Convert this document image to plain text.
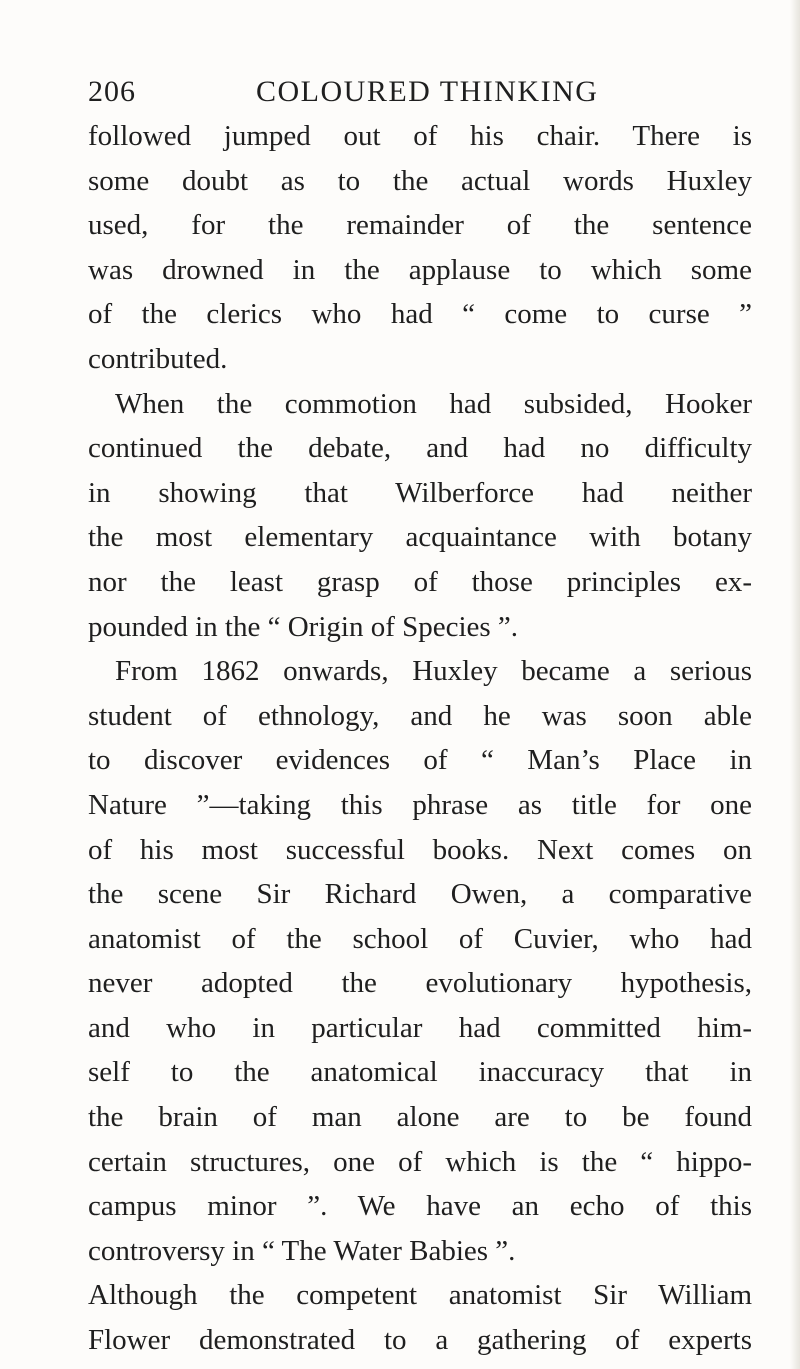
206	COLOURED THINKING
followed jumped out of his chair. There is
some doubt as to the actual words Huxley
used, for the remainder of the sentence
was drowned in the applause to which some
of the clerics who had “ come to curse ”
contributed.
When the commotion had subsided, Hooker
continued the debate, and had no difficulty
in showing that Wilberforce had neither
the most elementary acquaintance with botany
nor the least grasp of those principles ex-
pounded in the “ Origin of Species ”.
From 1862 onwards, Huxley became a serious
student of ethnology, and he was soon able
to discover evidences of “ Man’s Place in
Nature ”—taking this phrase as title for one
of his most successful books. Next comes on
the scene Sir Richard Owen, a comparative
anatomist of the school of Cuvier, who had
never adopted the evolutionary hypothesis,
and who in particular had committed him-
self to the anatomical inaccuracy that in
the brain of man alone are to be found
certain structures, one of which is the “ hippo-
campus minor ”. We have an echo of this
controversy in “ The Water Babies ”.
Although the competent anatomist Sir William
Flower demonstrated to a gathering of experts
